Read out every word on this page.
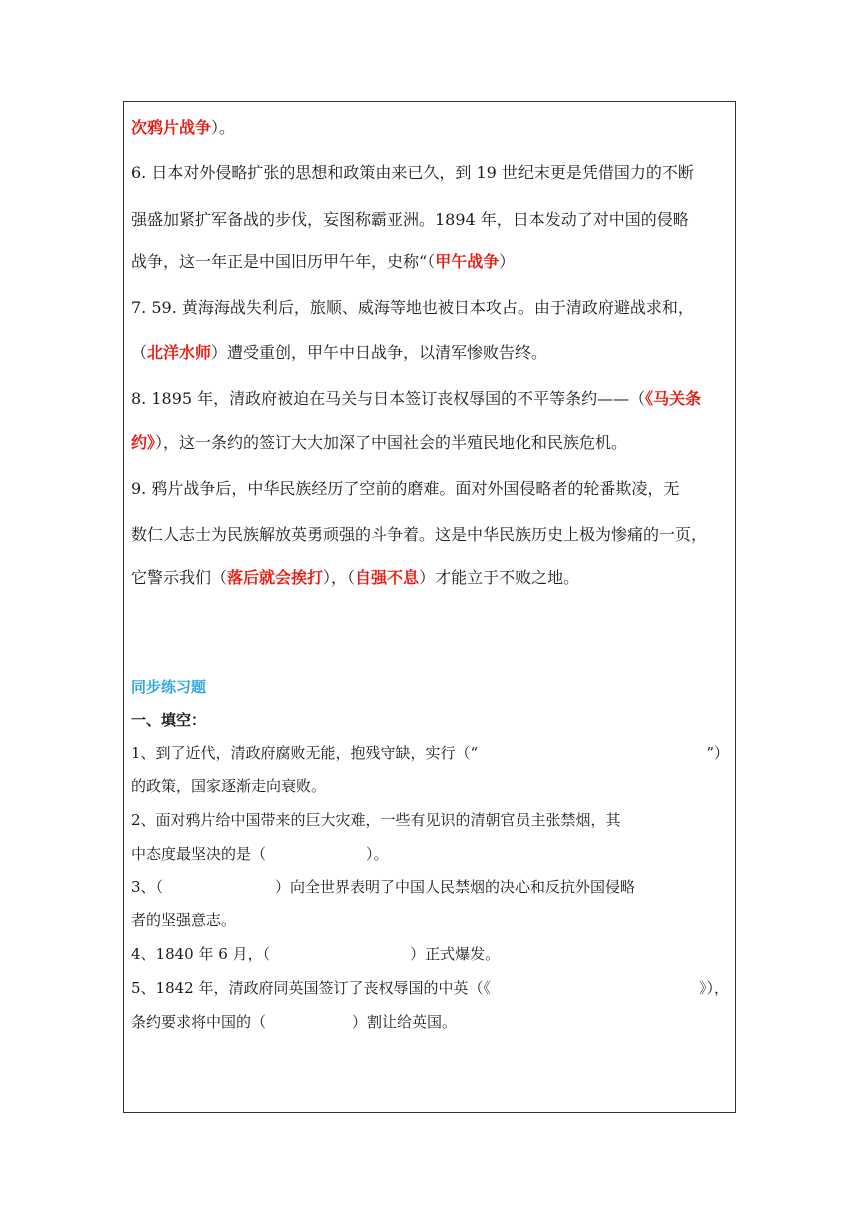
次鸦片战争）。
6. 日本对外侵略扩张的思想和政策由来已久，到 19 世纪末更是凭借国力的不断
强盛加紧扩军备战的步伐，妄图称霸亚洲。1894 年，日本发动了对中国的侵略
战争，这一年正是中国旧历甲午年，史称“（甲午战争）
7. 59. 黄海海战失利后，旅顺、威海等地也被日本攻占。由于清政府避战求和，
（北洋水师）遭受重创，甲午中日战争，以清军惨败告终。
8. 1895 年，清政府被迫在马关与日本签订丧权辱国的不平等条约——（《马关条
约》），这一条约的签订大大加深了中国社会的半殖民地化和民族危机。
9. 鸦片战争后，中华民族经历了空前的磨难。面对外国侵略者的轮番欺凌，无
数仁人志士为民族解放英勇顽强的斗争着。这是中华民族历史上极为惨痛的一页，
它警示我们（落后就会挨打），（自强不息）才能立于不败之地。
同步练习题
一、填空：
1、到了近代，清政府腐败无能，抱残守缺，实行（“	”）
的政策，国家逐渐走向衰败。
2、面对鸦片给中国带来的巨大灾难，一些有见识的清朝官员主张禁烟，其
中态度最坚决的是（	）。
3、（	）向全世界表明了中国人民禁烟的决心和反抗外国侵略
者的坚强意志。
4、1840 年 6 月，（	）正式爆发。
5、1842 年，清政府同英国签订了丧权辱国的中英（《	》），
条约要求将中国的（	）割让给英国。
